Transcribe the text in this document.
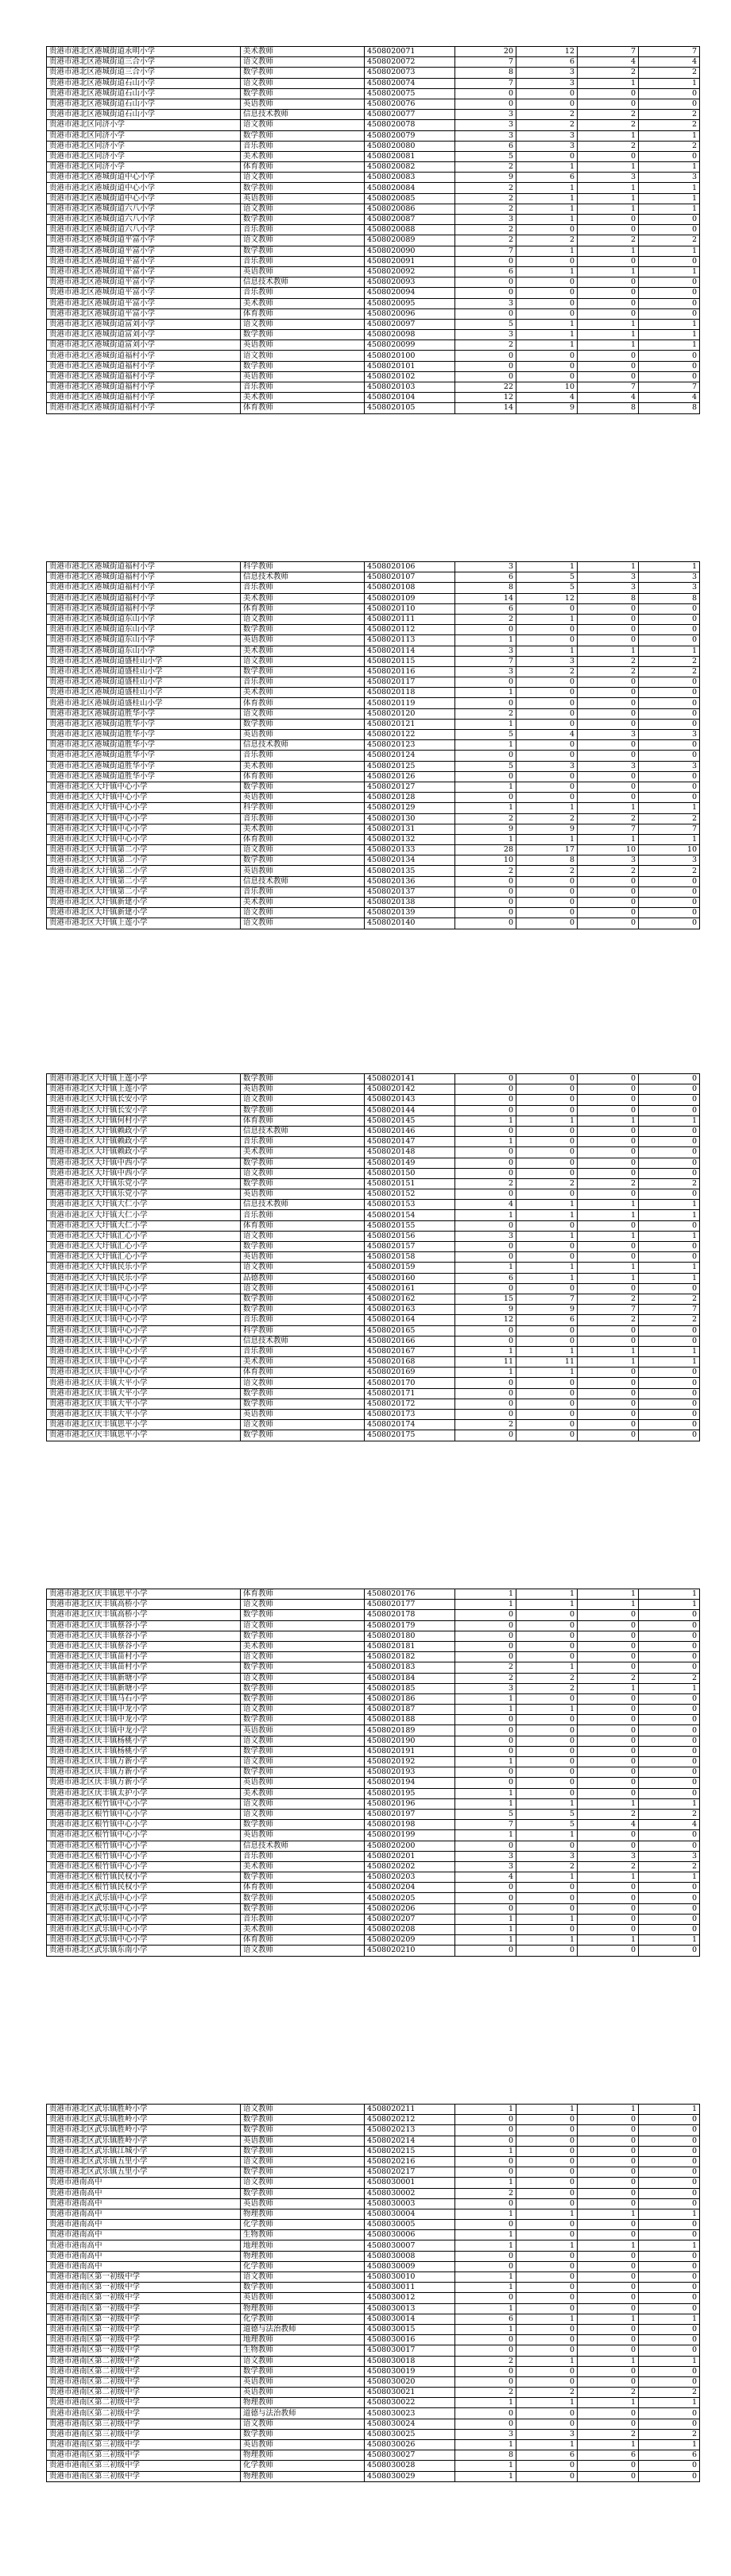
贵港市港北区港城街道永明小学	美术教师	4508020071	20	12	7	7
贵港市港北区港城街道三合小学	语文教师	4508020072	7	6	4	4
贵港市港北区港城街道三合小学	数学教师	4508020073	8	3	2	2
贵港市港北区港城街道石山小学	语文教师	4508020074	7	3	1	1
贵港市港北区港城街道石山小学	数学教师	4508020075	0	0	0	0
贵港市港北区港城街道石山小学	英语教师	4508020076	0	0	0	0
贵港市港北区港城街道石山小学	信息技术教师	4508020077	3	2	2	2
贵港市港北区同济小学	语文教师	4508020078	3	2	2	2
贵港市港北区同济小学	数学教师	4508020079	3	3	1	1
贵港市港北区同济小学	音乐教师	4508020080	6	3	2	2
贵港市港北区同济小学	美术教师	4508020081	5	0	0	0
贵港市港北区同济小学	体育教师	4508020082	2	1	1	1
贵港市港北区港城街道中心小学	语文教师	4508020083	9	6	3	3
贵港市港北区港城街道中心小学	数学教师	4508020084	2	1	1	1
贵港市港北区港城街道中心小学	英语教师	4508020085	2	1	1	1
贵港市港北区港城街道六八小学	语文教师	4508020086	2	1	1	1
贵港市港北区港城街道六八小学	数学教师	4508020087	3	1	0	0
贵港市港北区港城街道六八小学	音乐教师	4508020088	2	0	0	0
贵港市港北区港城街道平富小学	语文教师	4508020089	2	2	2	2
贵港市港北区港城街道平富小学	数学教师	4508020090	7	1	1	1
贵港市港北区港城街道平富小学	音乐教师	4508020091	0	0	0	0
贵港市港北区港城街道平富小学	英语教师	4508020092	6	1	1	1
贵港市港北区港城街道平富小学	信息技术教师	4508020093	0	0	0	0
贵港市港北区港城街道平富小学	音乐教师	4508020094	0	0	0	0
贵港市港北区港城街道平富小学	美术教师	4508020095	3	0	0	0
贵港市港北区港城街道平富小学	体育教师	4508020096	0	0	0	0
贵港市港北区港城街道富刘小学	语文教师	4508020097	5	1	1	1
贵港市港北区港城街道富刘小学	数学教师	4508020098	3	1	1	1
贵港市港北区港城街道富刘小学	英语教师	4508020099	2	1	1	1
贵港市港北区港城街道福村小学	语文教师	4508020100	0	0	0	0
贵港市港北区港城街道福村小学	数学教师	4508020101	0	0	0	0
贵港市港北区港城街道福村小学	英语教师	4508020102	0	0	0	0
贵港市港北区港城街道福村小学	音乐教师	4508020103	22	10	7	7
贵港市港北区港城街道福村小学	美术教师	4508020104	12	4	4	4
贵港市港北区港城街道福村小学	体育教师	4508020105	14	9	8	8
贵港市港北区港城街道福村小学	科学教师	4508020106	3	1	1	1
贵港市港北区港城街道福村小学	信息技术教师	4508020107	6	5	3	3
贵港市港北区港城街道福村小学	音乐教师	4508020108	8	5	3	3
贵港市港北区港城街道福村小学	美术教师	4508020109	14	12	8	8
贵港市港北区港城街道福村小学	体育教师	4508020110	6	0	0	0
贵港市港北区港城街道东山小学	语文教师	4508020111	2	1	0	0
贵港市港北区港城街道东山小学	数学教师	4508020112	0	0	0	0
贵港市港北区港城街道东山小学	英语教师	4508020113	1	0	0	0
贵港市港北区港城街道东山小学	美术教师	4508020114	3	1	1	1
贵港市港北区港城街道盛桂山小学	语文教师	4508020115	7	3	2	2
贵港市港北区港城街道盛桂山小学	数学教师	4508020116	3	2	2	2
贵港市港北区港城街道盛桂山小学	音乐教师	4508020117	0	0	0	0
贵港市港北区港城街道盛桂山小学	美术教师	4508020118	1	0	0	0
贵港市港北区港城街道盛桂山小学	体育教师	4508020119	0	0	0	0
贵港市港北区港城街道胜华小学	语文教师	4508020120	2	0	0	0
贵港市港北区港城街道胜华小学	数学教师	4508020121	1	0	0	0
贵港市港北区港城街道胜华小学	英语教师	4508020122	5	4	3	3
贵港市港北区港城街道胜华小学	信息技术教师	4508020123	1	0	0	0
贵港市港北区港城街道胜华小学	音乐教师	4508020124	0	0	0	0
贵港市港北区港城街道胜华小学	美术教师	4508020125	5	3	3	3
贵港市港北区港城街道胜华小学	体育教师	4508020126	0	0	0	0
贵港市港北区大圩镇中心小学	数学教师	4508020127	1	0	0	0
贵港市港北区大圩镇中心小学	英语教师	4508020128	0	0	0	0
贵港市港北区大圩镇中心小学	科学教师	4508020129	1	1	1	1
贵港市港北区大圩镇中心小学	音乐教师	4508020130	2	2	2	2
贵港市港北区大圩镇中心小学	美术教师	4508020131	9	9	7	7
贵港市港北区大圩镇中心小学	体育教师	4508020132	1	1	1	1
贵港市港北区大圩镇第二小学	语文教师	4508020133	28	17	10	10
贵港市港北区大圩镇第二小学	数学教师	4508020134	10	8	3	3
贵港市港北区大圩镇第二小学	英语教师	4508020135	2	2	2	2
贵港市港北区大圩镇第二小学	信息技术教师	4508020136	0	0	0	0
贵港市港北区大圩镇第二小学	音乐教师	4508020137	0	0	0	0
贵港市港北区大圩镇新建小学	美术教师	4508020138	0	0	0	0
贵港市港北区大圩镇新建小学	语文教师	4508020139	0	0	0	0
贵港市港北区大圩镇上莲小学	语文教师	4508020140	0	0	0	0
贵港市港北区大圩镇上莲小学	数学教师	4508020141	0	0	0	0
贵港市港北区大圩镇上莲小学	英语教师	4508020142	0	0	0	0
贵港市港北区大圩镇长安小学	语文教师	4508020143	0	0	0	0
贵港市港北区大圩镇长安小学	数学教师	4508020144	0	0	0	0
贵港市港北区大圩镇何村小学	体育教师	4508020145	1	1	1	1
贵港市港北区大圩镇赖政小学	信息技术教师	4508020146	0	0	0	0
贵港市港北区大圩镇赖政小学	音乐教师	4508020147	1	0	0	0
贵港市港北区大圩镇赖政小学	美术教师	4508020148	0	0	0	0
贵港市港北区大圩镇中西小学	数学教师	4508020149	0	0	0	0
贵港市港北区大圩镇中西小学	语文教师	4508020150	0	0	0	0
贵港市港北区大圩镇乐党小学	数学教师	4508020151	2	2	2	2
贵港市港北区大圩镇乐党小学	英语教师	4508020152	0	0	0	0
贵港市港北区大圩镇大仁小学	信息技术教师	4508020153	4	1	1	1
贵港市港北区大圩镇大仁小学	音乐教师	4508020154	1	1	1	1
贵港市港北区大圩镇大仁小学	体育教师	4508020155	0	0	0	0
贵港市港北区大圩镇汇心小学	语文教师	4508020156	3	1	1	1
贵港市港北区大圩镇汇心小学	数学教师	4508020157	0	0	0	0
贵港市港北区大圩镇汇心小学	英语教师	4508020158	0	0	0	0
贵港市港北区大圩镇民乐小学	语文教师	4508020159	1	1	1	1
贵港市港北区大圩镇民乐小学	品德教师	4508020160	6	1	1	1
贵港市港北区庆丰镇中心小学	语文教师	4508020161	0	0	0	0
贵港市港北区庆丰镇中心小学	数学教师	4508020162	15	7	2	2
贵港市港北区庆丰镇中心小学	数学教师	4508020163	9	9	7	7
贵港市港北区庆丰镇中心小学	音乐教师	4508020164	12	6	2	2
贵港市港北区庆丰镇中心小学	科学教师	4508020165	0	0	0	0
贵港市港北区庆丰镇中心小学	信息技术教师	4508020166	0	0	0	0
贵港市港北区庆丰镇中心小学	音乐教师	4508020167	1	1	1	1
贵港市港北区庆丰镇中心小学	美术教师	4508020168	11	11	1	1
贵港市港北区庆丰镇中心小学	体育教师	4508020169	1	1	0	0
贵港市港北区庆丰镇大平小学	语文教师	4508020170	0	0	0	0
贵港市港北区庆丰镇大平小学	数学教师	4508020171	0	0	0	0
贵港市港北区庆丰镇大平小学	数学教师	4508020172	0	0	0	0
贵港市港北区庆丰镇大平小学	英语教师	4508020173	0	0	0	0
贵港市港北区庆丰镇思平小学	语文教师	4508020174	2	0	0	0
贵港市港北区庆丰镇思平小学	数学教师	4508020175	0	0	0	0
贵港市港北区庆丰镇思平小学	体育教师	4508020176	1	1	1	1
贵港市港北区庆丰镇高桥小学	语文教师	4508020177	1	1	1	1
贵港市港北区庆丰镇高桥小学	数学教师	4508020178	0	0	0	0
贵港市港北区庆丰镇蔡谷小学	语文教师	4508020179	0	0	0	0
贵港市港北区庆丰镇蔡谷小学	数学教师	4508020180	0	0	0	0
贵港市港北区庆丰镇蔡谷小学	美术教师	4508020181	0	0	0	0
贵港市港北区庆丰镇苗村小学	语文教师	4508020182	0	0	0	0
贵港市港北区庆丰镇苗村小学	数学教师	4508020183	2	1	0	0
贵港市港北区庆丰镇新塘小学	语文教师	4508020184	2	2	2	2
贵港市港北区庆丰镇新塘小学	数学教师	4508020185	3	2	1	1
贵港市港北区庆丰镇马石小学	数学教师	4508020186	1	0	0	0
贵港市港北区庆丰镇中龙小学	语文教师	4508020187	1	1	0	0
贵港市港北区庆丰镇中龙小学	数学教师	4508020188	0	0	0	0
贵港市港北区庆丰镇中龙小学	英语教师	4508020189	0	0	0	0
贵港市港北区庆丰镇杨桃小学	语文教师	4508020190	0	0	0	0
贵港市港北区庆丰镇杨桃小学	数学教师	4508020191	0	0	0	0
贵港市港北区庆丰镇万新小学	语文教师	4508020192	1	0	0	0
贵港市港北区庆丰镇万新小学	数学教师	4508020193	0	0	0	0
贵港市港北区庆丰镇万新小学	英语教师	4508020194	0	0	0	0
贵港市港北区庆丰镇太护小学	美术教师	4508020195	1	0	0	0
贵港市港北区根竹镇中心小学	语文教师	4508020196	1	1	1	1
贵港市港北区根竹镇中心小学	语文教师	4508020197	5	5	2	2
贵港市港北区根竹镇中心小学	数学教师	4508020198	7	5	4	4
贵港市港北区根竹镇中心小学	英语教师	4508020199	1	1	0	0
贵港市港北区根竹镇中心小学	信息技术教师	4508020200	0	0	0	0
贵港市港北区根竹镇中心小学	音乐教师	4508020201	3	3	3	3
贵港市港北区根竹镇中心小学	美术教师	4508020202	3	2	2	2
贵港市港北区根竹镇民权小学	数学教师	4508020203	4	1	1	1
贵港市港北区根竹镇民权小学	体育教师	4508020204	0	0	0	0
贵港市港北区武乐镇中心小学	数学教师	4508020205	0	0	0	0
贵港市港北区武乐镇中心小学	数学教师	4508020206	0	0	0	0
贵港市港北区武乐镇中心小学	音乐教师	4508020207	1	1	0	0
贵港市港北区武乐镇中心小学	美术教师	4508020208	1	0	0	0
贵港市港北区武乐镇中心小学	体育教师	4508020209	1	1	1	1
贵港市港北区武乐镇东南小学	语文教师	4508020210	0	0	0	0
贵港市港北区武乐镇胜岭小学	语文教师	4508020211	1	1	1	1
贵港市港北区武乐镇胜岭小学	数学教师	4508020212	0	0	0	0
贵港市港北区武乐镇胜岭小学	数学教师	4508020213	0	0	0	0
贵港市港北区武乐镇胜岭小学	英语教师	4508020214	0	0	0	0
贵港市港北区武乐镇江城小学	数学教师	4508020215	1	0	0	0
贵港市港北区武乐镇五里小学	语文教师	4508020216	0	0	0	0
贵港市港北区武乐镇五里小学	数学教师	4508020217	0	0	0	0
贵港市港南高中	语文教师	4508030001	1	0	0	0
贵港市港南高中	数学教师	4508030002	2	0	0	0
贵港市港南高中	英语教师	4508030003	0	0	0	0
贵港市港南高中	物理教师	4508030004	1	1	1	1
贵港市港南高中	化学教师	4508030005	0	0	0	0
贵港市港南高中	生物教师	4508030006	1	0	0	0
贵港市港南高中	地理教师	4508030007	1	1	1	1
贵港市港南高中	物理教师	4508030008	0	0	0	0
贵港市港南高中	化学教师	4508030009	0	0	0	0
贵港市港南区第一初级中学	语文教师	4508030010	1	0	0	0
贵港市港南区第一初级中学	数学教师	4508030011	1	0	0	0
贵港市港南区第一初级中学	英语教师	4508030012	0	0	0	0
贵港市港南区第一初级中学	物理教师	4508030013	1	0	0	0
贵港市港南区第一初级中学	化学教师	4508030014	6	1	1	1
贵港市港南区第一初级中学	道德与法治教师	4508030015	1	0	0	0
贵港市港南区第一初级中学	地理教师	4508030016	0	0	0	0
贵港市港南区第一初级中学	生物教师	4508030017	0	0	0	0
贵港市港南区第二初级中学	语文教师	4508030018	2	1	1	1
贵港市港南区第二初级中学	数学教师	4508030019	0	0	0	0
贵港市港南区第二初级中学	英语教师	4508030020	0	0	0	0
贵港市港南区第二初级中学	英语教师	4508030021	2	2	2	2
贵港市港南区第二初级中学	物理教师	4508030022	1	1	1	1
贵港市港南区第二初级中学	道德与法治教师	4508030023	0	0	0	0
贵港市港南区第三初级中学	语文教师	4508030024	0	0	0	0
贵港市港南区第三初级中学	数学教师	4508030025	3	3	2	2
贵港市港南区第三初级中学	英语教师	4508030026	1	1	1	1
贵港市港南区第三初级中学	物理教师	4508030027	8	6	6	6
贵港市港南区第三初级中学	化学教师	4508030028	1	0	0	0
贵港市港南区第三初级中学	物理教师	4508030029	1	0	0	0
